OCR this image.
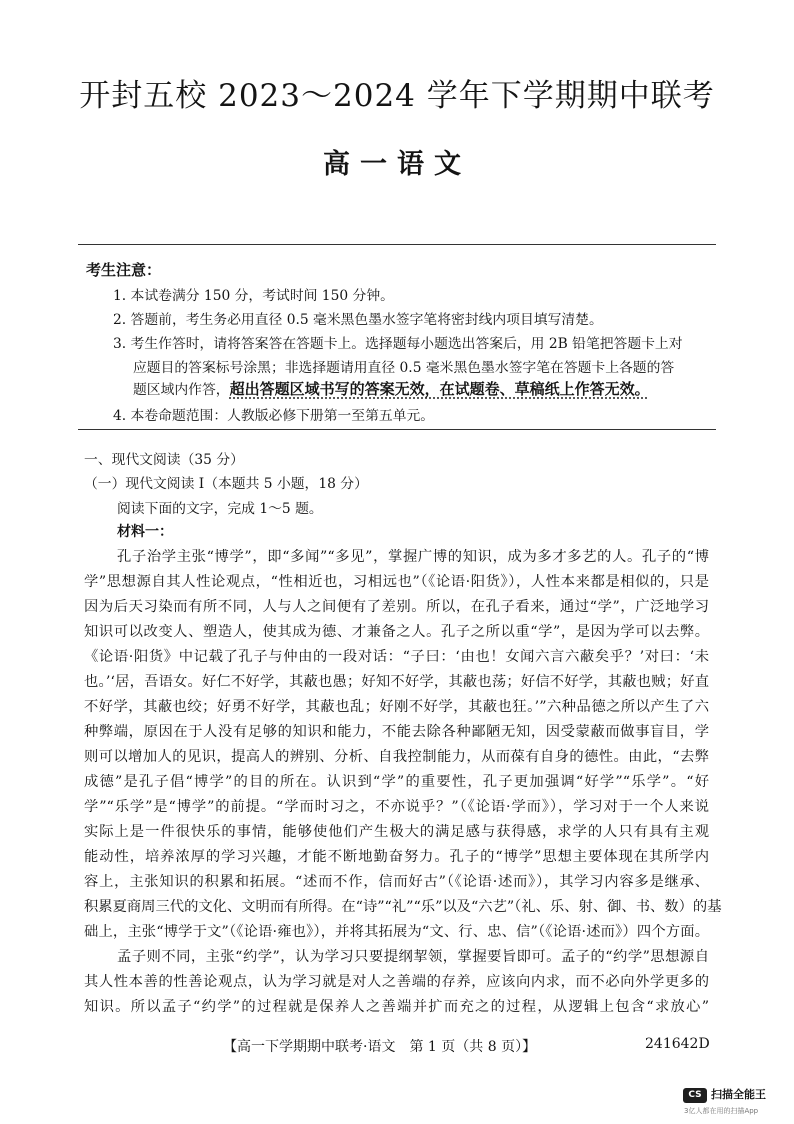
开封五校 2023～2024 学年下学期期中联考
高一语文
考生注意：
1. 本试卷满分 150 分，考试时间 150 分钟。
2. 答题前，考生务必用直径 0.5 毫米黑色墨水签字笔将密封线内项目填写清楚。
3. 考生作答时，请将答案答在答题卡上。选择题每小题选出答案后，用 2B 铅笔把答题卡上对
应题目的答案标号涂黑；非选择题请用直径 0.5 毫米黑色墨水签字笔在答题卡上各题的答
题区域内作答，超出答题区域书写的答案无效，在试题卷、草稿纸上作答无效。
4. 本卷命题范围：人教版必修下册第一至第五单元。
一、现代文阅读（35 分）
（一）现代文阅读 Ⅰ（本题共 5 小题，18 分）
阅读下面的文字，完成 1～5 题。
材料一：
孔子治学主张“博学”，即“多闻”“多见”，掌握广博的知识，成为多才多艺的人。孔子的“博
学”思想源自其人性论观点，“性相近也，习相远也”（《论语·阳货》），人性本来都是相似的，只是
因为后天习染而有所不同，人与人之间便有了差别。所以，在孔子看来，通过“学”，广泛地学习
知识可以改变人、塑造人，使其成为德、才兼备之人。孔子之所以重“学”，是因为学可以去弊。
《论语·阳货》中记载了孔子与仲由的一段对话：“子曰：‘由也！女闻六言六蔽矣乎？’对曰：‘未
也。’‘居，吾语女。好仁不好学，其蔽也愚；好知不好学，其蔽也荡；好信不好学，其蔽也贼；好直
不好学，其蔽也绞；好勇不好学，其蔽也乱；好刚不好学，其蔽也狂。’”六种品德之所以产生了六
种弊端，原因在于人没有足够的知识和能力，不能去除各种鄙陋无知，因受蒙蔽而做事盲目，学
则可以增加人的见识，提高人的辨别、分析、自我控制能力，从而葆有自身的德性。由此，“去弊
成德”是孔子倡“博学”的目的所在。认识到“学”的重要性，孔子更加强调“好学”“乐学”。“好
学”“乐学”是“博学”的前提。“学而时习之，不亦说乎？”（《论语·学而》），学习对于一个人来说
实际上是一件很快乐的事情，能够使他们产生极大的满足感与获得感，求学的人只有具有主观
能动性，培养浓厚的学习兴趣，才能不断地勤奋努力。孔子的“博学”思想主要体现在其所学内
容上，主张知识的积累和拓展。“述而不作，信而好古”（《论语·述而》），其学习内容多是继承、
积累夏商周三代的文化、文明而有所得。在“诗”“礼”“乐”以及“六艺”（礼、乐、射、御、书、数）的基
础上，主张“博学于文”（《论语·雍也》），并将其拓展为“文、行、忠、信”（《论语·述而》）四个方面。
孟子则不同，主张“约学”，认为学习只要提纲挈领，掌握要旨即可。孟子的“约学”思想源自
其人性本善的性善论观点，认为学习就是对人之善端的存养，应该向内求，而不必向外学更多的
知识。所以孟子“约学”的过程就是保养人之善端并扩而充之的过程，从逻辑上包含“求放心”
【高一下学期期中联考·语文　第 1 页（共 8 页）】	241642D
CS 扫描全能王
3亿人都在用的扫描App
